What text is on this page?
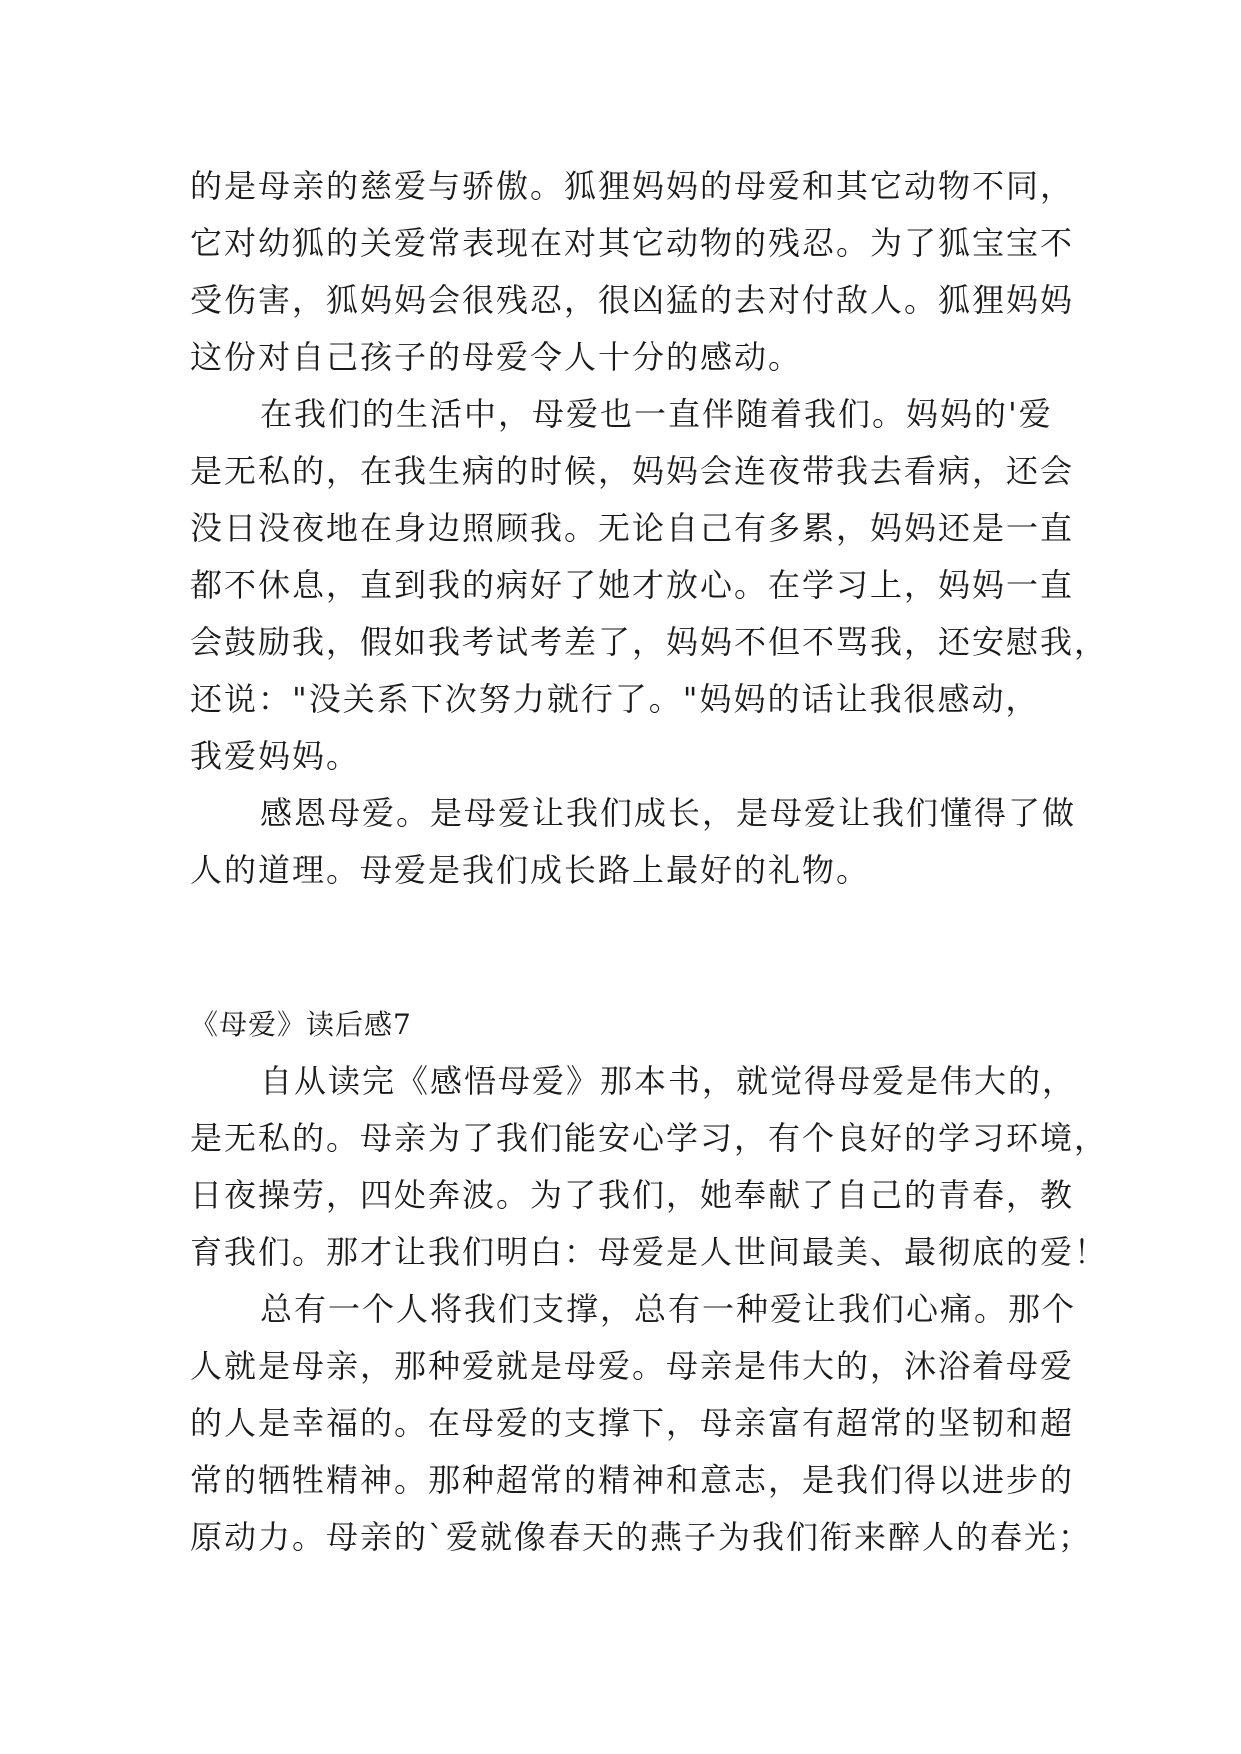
的是母亲的慈爱与骄傲。狐狸妈妈的母爱和其它动物不同，
它对幼狐的关爱常表现在对其它动物的残忍。为了狐宝宝不
受伤害，狐妈妈会很残忍，很凶猛的去对付敌人。狐狸妈妈
这份对自己孩子的母爱令人十分的感动。
在我们的生活中，母爱也一直伴随着我们。妈妈的'爱
是无私的，在我生病的时候，妈妈会连夜带我去看病，还会
没日没夜地在身边照顾我。无论自己有多累，妈妈还是一直
都不休息，直到我的病好了她才放心。在学习上，妈妈一直
会鼓励我，假如我考试考差了，妈妈不但不骂我，还安慰我，
还说："没关系下次努力就行了。"妈妈的话让我很感动，
我爱妈妈。
感恩母爱。是母爱让我们成长，是母爱让我们懂得了做
人的道理。母爱是我们成长路上最好的礼物。
《母爱》读后感7
自从读完《感悟母爱》那本书，就觉得母爱是伟大的，
是无私的。母亲为了我们能安心学习，有个良好的学习环境，
日夜操劳，四处奔波。为了我们，她奉献了自己的青春，教
育我们。那才让我们明白：母爱是人世间最美、最彻底的爱！
总有一个人将我们支撑，总有一种爱让我们心痛。那个
人就是母亲，那种爱就是母爱。母亲是伟大的，沐浴着母爱
的人是幸福的。在母爱的支撑下，母亲富有超常的坚韧和超
常的牺牲精神。那种超常的精神和意志，是我们得以进步的
原动力。母亲的`爱就像春天的燕子为我们衔来醉人的春光；
